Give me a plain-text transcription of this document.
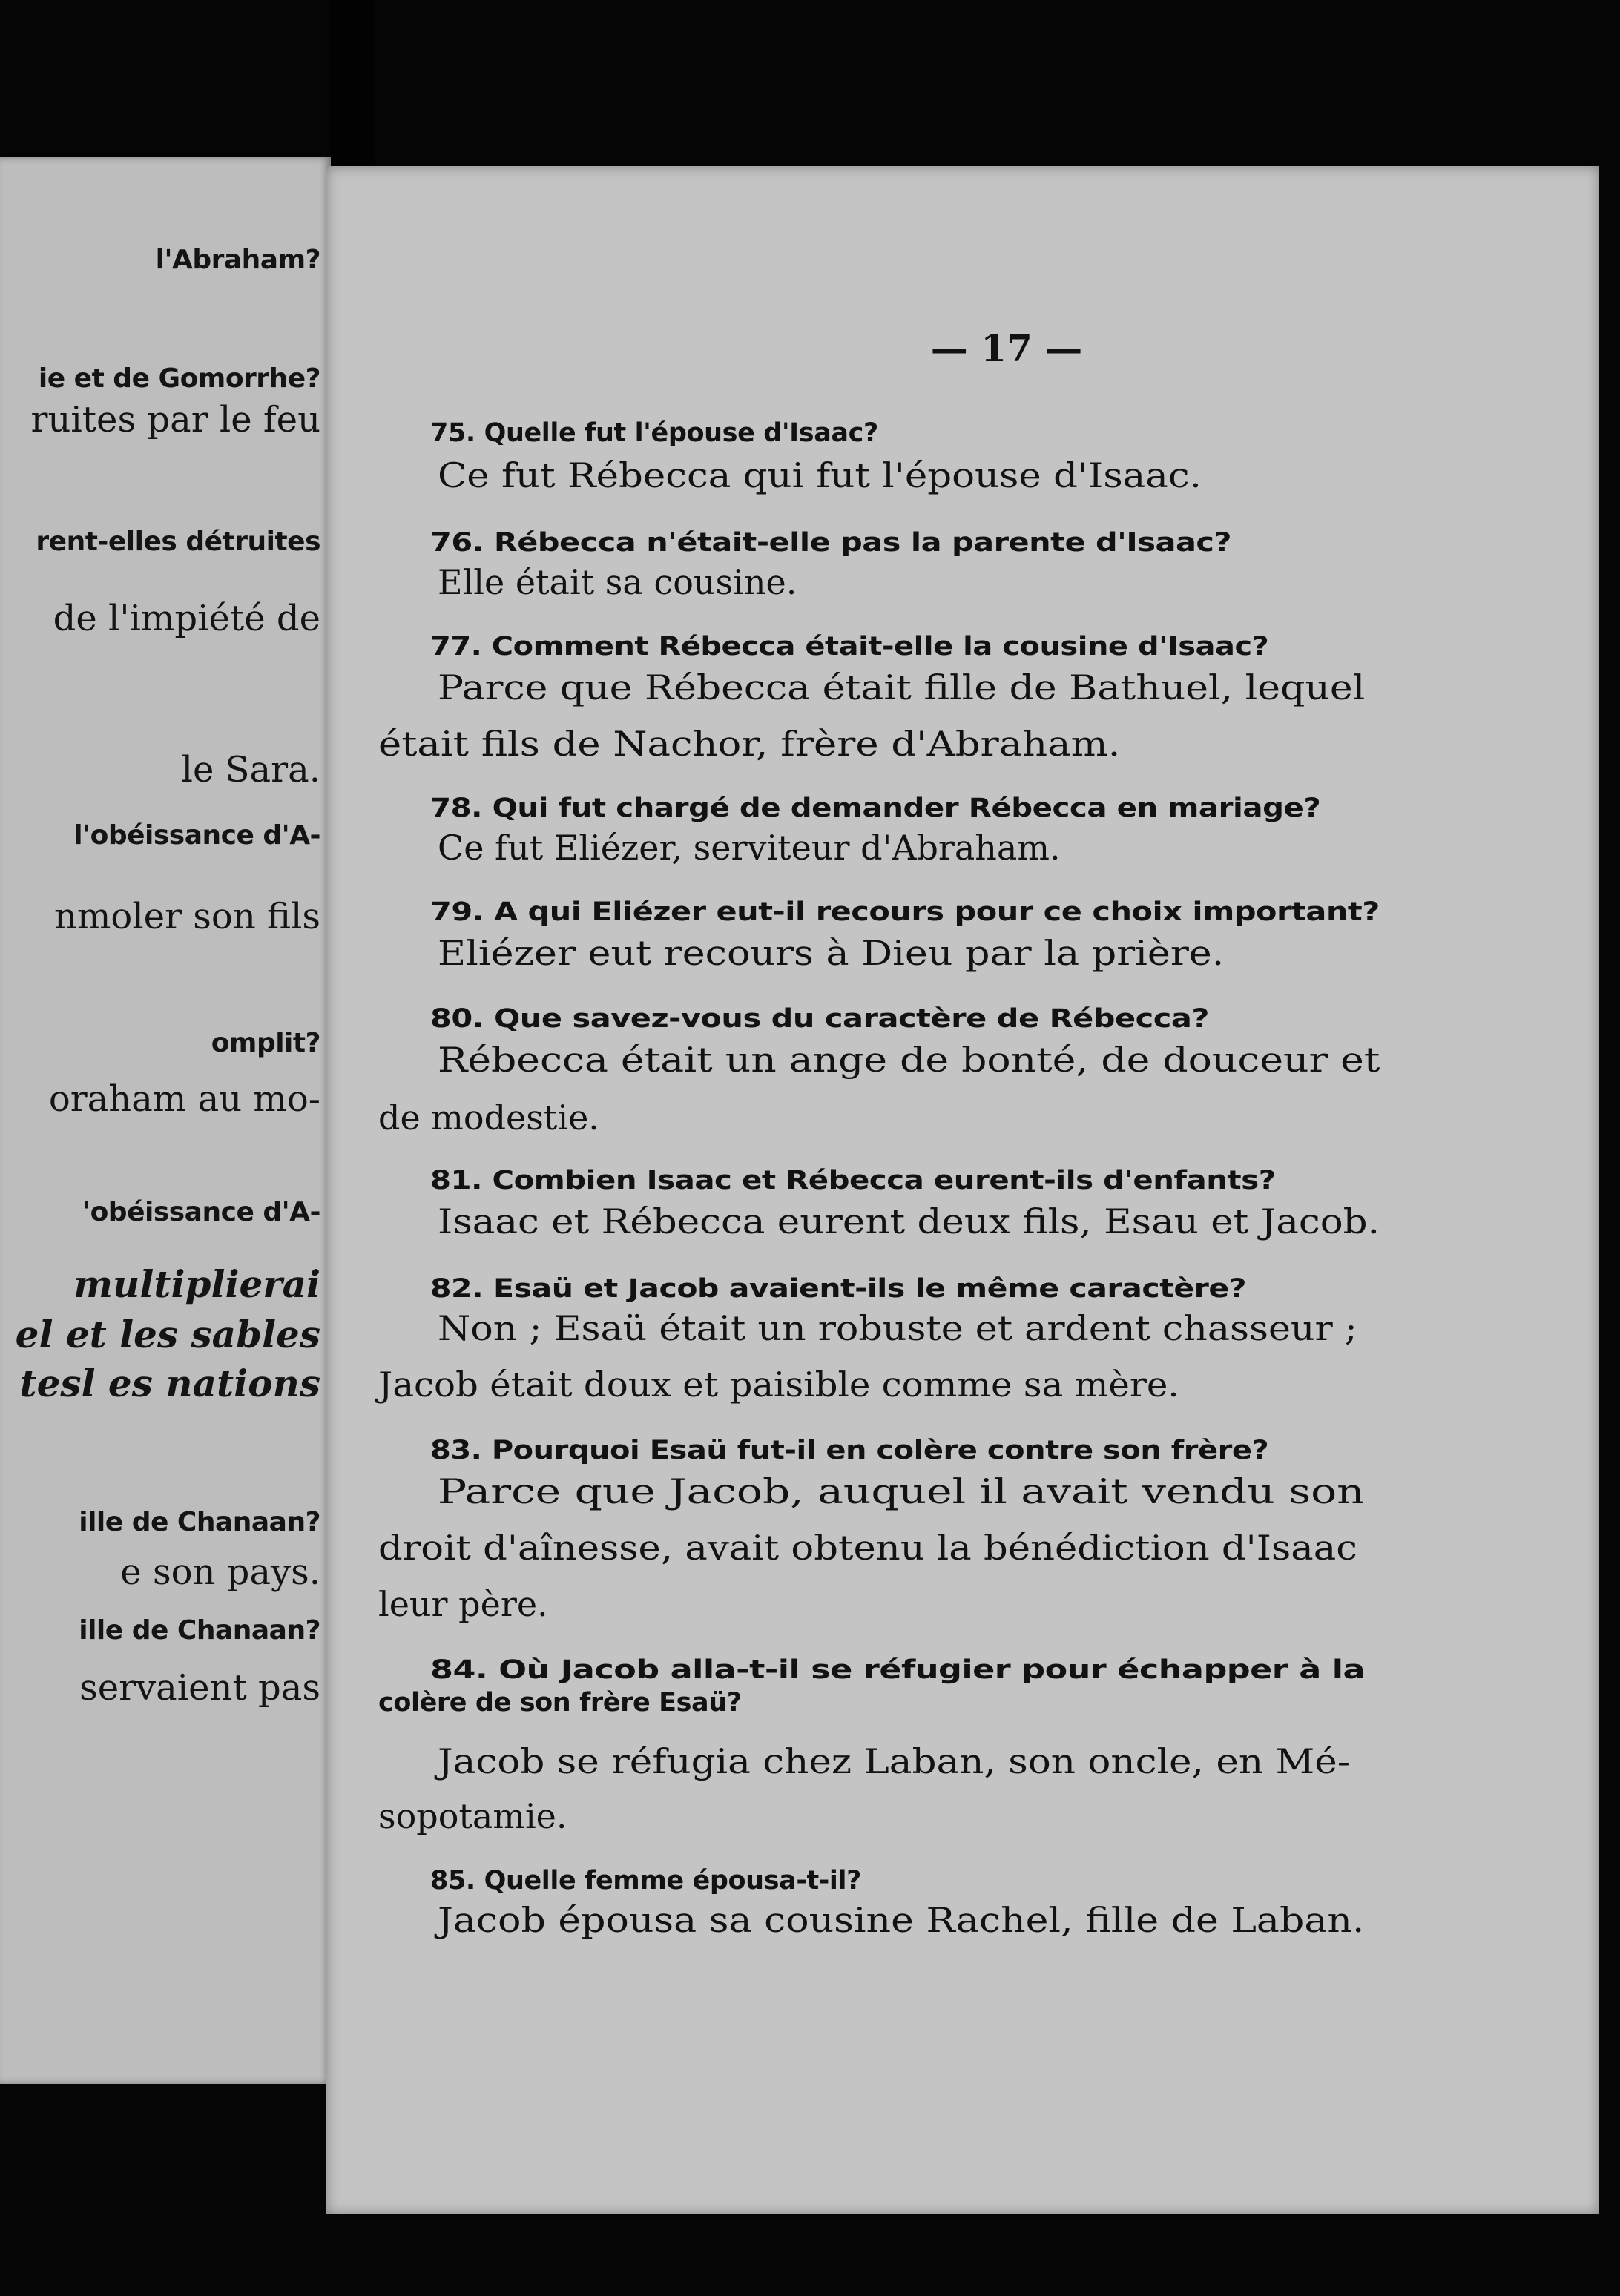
l'Abraham?
ie et de Gomorrhe?
ruites par le feu
rent-elles détruites
de l'impiété de
le Sara.
l'obéissance d'A-
nmoler son fils
omplit?
oraham au mo-
'obéissance d'A-
multiplierai
el et les sables
tesl es nations
ille de Chanaan?
e son pays.
ille de Chanaan?
servaient pas
— 17 —
75. Quelle fut l'épouse d'Isaac?
Ce fut Rébecca qui fut l'épouse d'Isaac.
76. Rébecca n'était-elle pas la parente d'Isaac?
Elle était sa cousine.
77. Comment Rébecca était-elle la cousine d'Isaac?
Parce que Rébecca était fille de Bathuel, lequel
était fils de Nachor, frère d'Abraham.
78. Qui fut chargé de demander Rébecca en mariage?
Ce fut Eliézer, serviteur d'Abraham.
79. A qui Eliézer eut-il recours pour ce choix important?
Eliézer eut recours à Dieu par la prière.
80. Que savez-vous du caractère de Rébecca?
Rébecca était un ange de bonté, de douceur et
de modestie.
81. Combien Isaac et Rébecca eurent-ils d'enfants?
Isaac et Rébecca eurent deux fils, Esau et Jacob.
82. Esaü et Jacob avaient-ils le même caractère?
Non ; Esaü était un robuste et ardent chasseur ;
Jacob était doux et paisible comme sa mère.
83. Pourquoi Esaü fut-il en colère contre son frère?
Parce que Jacob, auquel il avait vendu son
droit d'aînesse, avait obtenu la bénédiction d'Isaac
leur père.
84. Où Jacob alla-t-il se réfugier pour échapper à la
colère de son frère Esaü?
Jacob se réfugia chez Laban, son oncle, en Mé-
sopotamie.
85. Quelle femme épousa-t-il?
Jacob épousa sa cousine Rachel, fille de Laban.
